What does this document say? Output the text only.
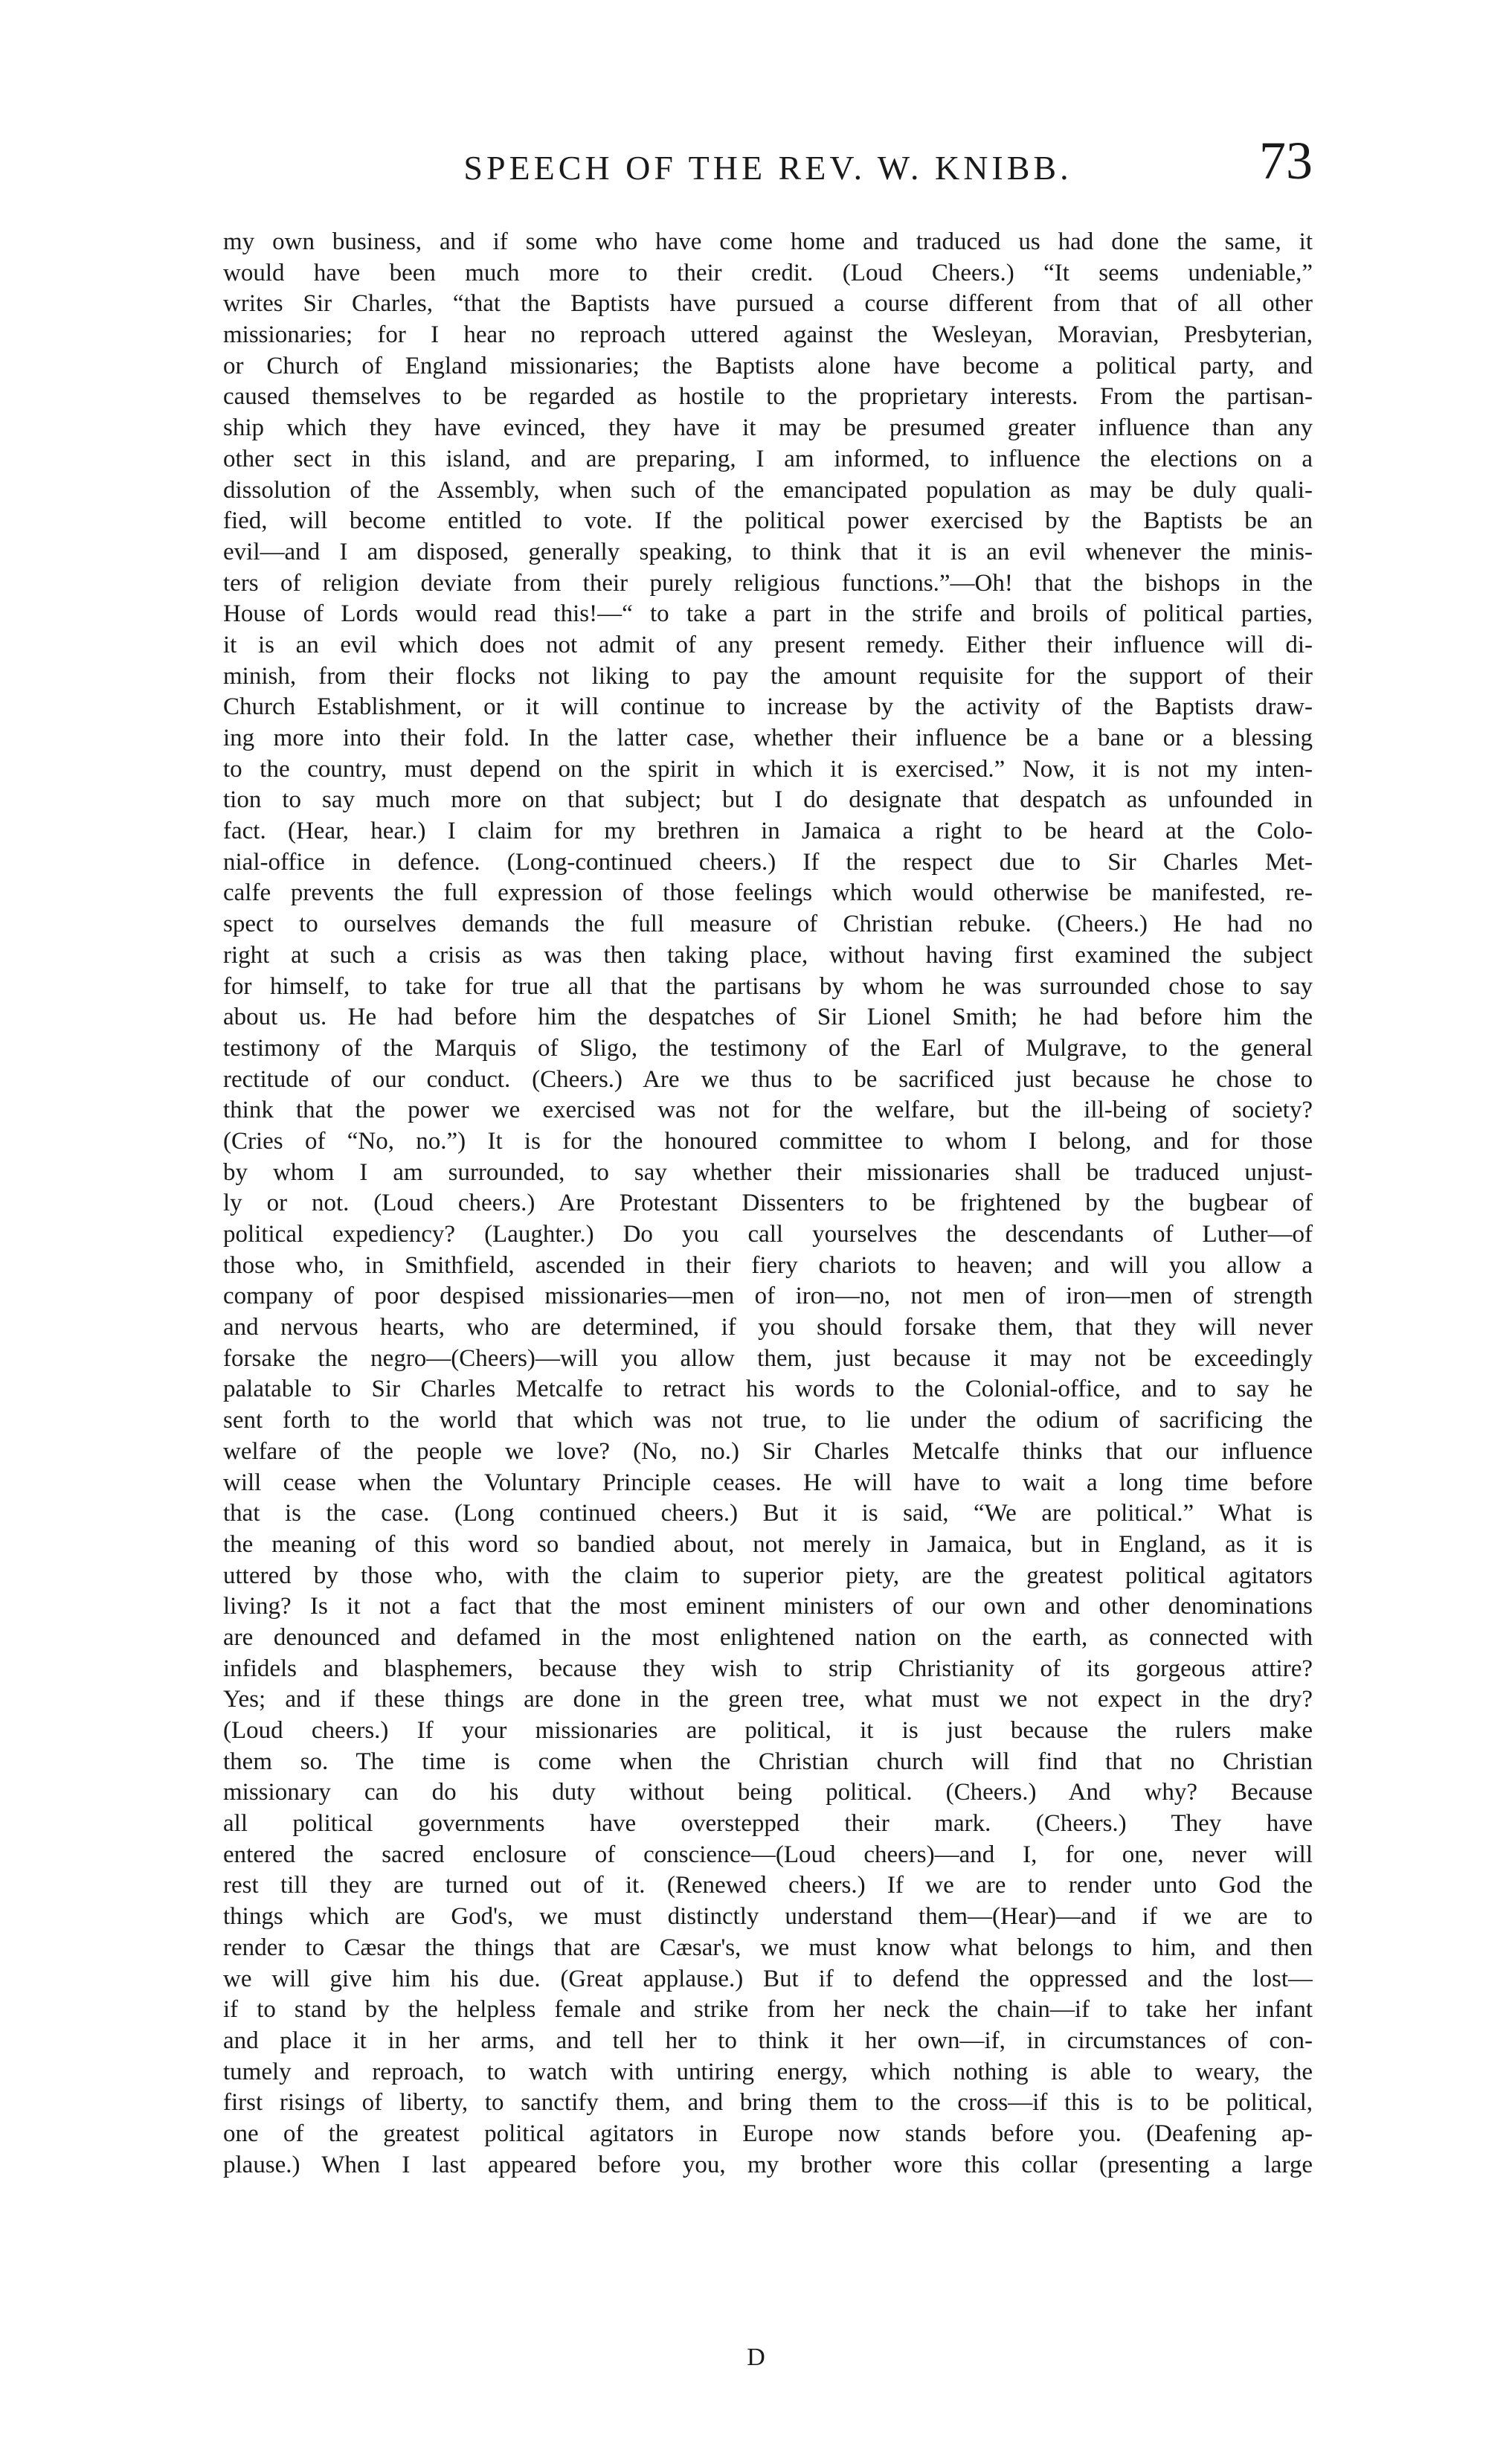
SPEECH OF THE REV. W. KNIBB.	73
my own business, and if some who have come home and traduced us had done the same, it
would have been much more to their credit. (Loud Cheers.) “It seems undeniable,”
writes Sir Charles, “that the Baptists have pursued a course different from that of all other
missionaries; for I hear no reproach uttered against the Wesleyan, Moravian, Presbyterian,
or Church of England missionaries; the Baptists alone have become a political party, and
caused themselves to be regarded as hostile to the proprietary interests. From the partisan-
ship which they have evinced, they have it may be presumed greater influence than any
other sect in this island, and are preparing, I am informed, to influence the elections on a
dissolution of the Assembly, when such of the emancipated population as may be duly quali-
fied, will become entitled to vote. If the political power exercised by the Baptists be an
evil—and I am disposed, generally speaking, to think that it is an evil whenever the minis-
ters of religion deviate from their purely religious functions.”—Oh! that the bishops in the
House of Lords would read this!—“ to take a part in the strife and broils of political parties,
it is an evil which does not admit of any present remedy. Either their influence will di-
minish, from their flocks not liking to pay the amount requisite for the support of their
Church Establishment, or it will continue to increase by the activity of the Baptists draw-
ing more into their fold. In the latter case, whether their influence be a bane or a blessing
to the country, must depend on the spirit in which it is exercised.” Now, it is not my inten-
tion to say much more on that subject; but I do designate that despatch as unfounded in
fact. (Hear, hear.) I claim for my brethren in Jamaica a right to be heard at the Colo-
nial-office in defence. (Long-continued cheers.) If the respect due to Sir Charles Met-
calfe prevents the full expression of those feelings which would otherwise be manifested, re-
spect to ourselves demands the full measure of Christian rebuke. (Cheers.) He had no
right at such a crisis as was then taking place, without having first examined the subject
for himself, to take for true all that the partisans by whom he was surrounded chose to say
about us. He had before him the despatches of Sir Lionel Smith; he had before him the
testimony of the Marquis of Sligo, the testimony of the Earl of Mulgrave, to the general
rectitude of our conduct. (Cheers.) Are we thus to be sacrificed just because he chose to
think that the power we exercised was not for the welfare, but the ill-being of society?
(Cries of “No, no.”) It is for the honoured committee to whom I belong, and for those
by whom I am surrounded, to say whether their missionaries shall be traduced unjust-
ly or not. (Loud cheers.) Are Protestant Dissenters to be frightened by the bugbear of
political expediency? (Laughter.) Do you call yourselves the descendants of Luther—of
those who, in Smithfield, ascended in their fiery chariots to heaven; and will you allow a
company of poor despised missionaries—men of iron—no, not men of iron—men of strength
and nervous hearts, who are determined, if you should forsake them, that they will never
forsake the negro—(Cheers)—will you allow them, just because it may not be exceedingly
palatable to Sir Charles Metcalfe to retract his words to the Colonial-office, and to say he
sent forth to the world that which was not true, to lie under the odium of sacrificing the
welfare of the people we love? (No, no.) Sir Charles Metcalfe thinks that our influence
will cease when the Voluntary Principle ceases. He will have to wait a long time before
that is the case. (Long continued cheers.) But it is said, “We are political.” What is
the meaning of this word so bandied about, not merely in Jamaica, but in England, as it is
uttered by those who, with the claim to superior piety, are the greatest political agitators
living? Is it not a fact that the most eminent ministers of our own and other denominations
are denounced and defamed in the most enlightened nation on the earth, as connected with
infidels and blasphemers, because they wish to strip Christianity of its gorgeous attire?
Yes; and if these things are done in the green tree, what must we not expect in the dry?
(Loud cheers.) If your missionaries are political, it is just because the rulers make
them so. The time is come when the Christian church will find that no Christian
missionary can do his duty without being political. (Cheers.) And why? Because
all political governments have overstepped their mark. (Cheers.) They have
entered the sacred enclosure of conscience—(Loud cheers)—and I, for one, never will
rest till they are turned out of it. (Renewed cheers.) If we are to render unto God the
things which are God's, we must distinctly understand them—(Hear)—and if we are to
render to Cæsar the things that are Cæsar's, we must know what belongs to him, and then
we will give him his due. (Great applause.) But if to defend the oppressed and the lost—
if to stand by the helpless female and strike from her neck the chain—if to take her infant
and place it in her arms, and tell her to think it her own—if, in circumstances of con-
tumely and reproach, to watch with untiring energy, which nothing is able to weary, the
first risings of liberty, to sanctify them, and bring them to the cross—if this is to be political,
one of the greatest political agitators in Europe now stands before you. (Deafening ap-
plause.) When I last appeared before you, my brother wore this collar (presenting a large
D
